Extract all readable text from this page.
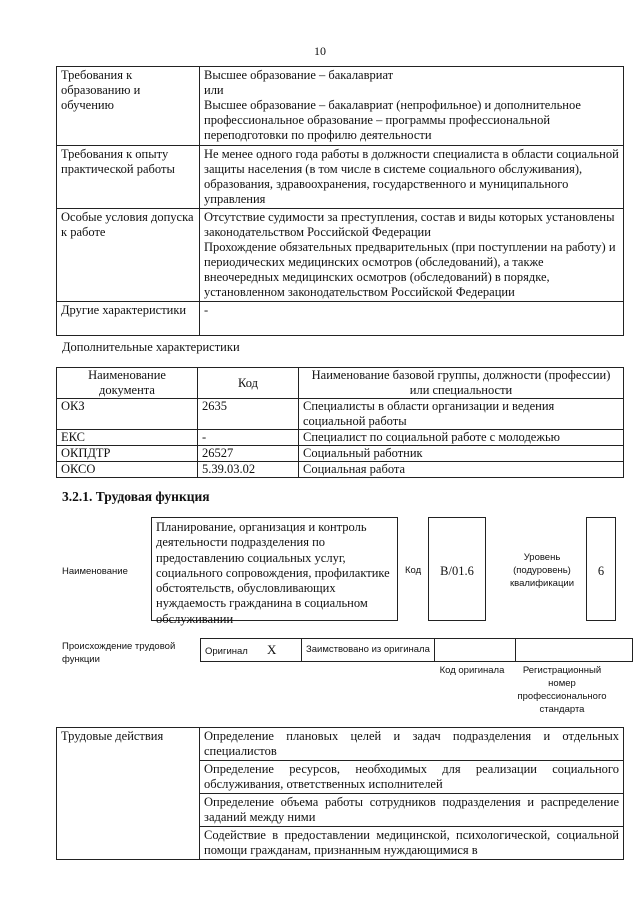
10
Требования к образованию и обучению	Высшее образование – бакалавриат
или
Высшее образование – бакалавриат (непрофильное) и дополнительное профессиональное образование – программы профессиональной переподготовки по профилю деятельности

Требования к опыту практической работы	Не менее одного года работы в должности специалиста в области социальной защиты населения (в том числе в системе социального обслуживания), образования, здравоохранения, государственного и муниципального управления

Особые условия допуска к работе	Отсутствие судимости за преступления, состав и виды которых установлены законодательством Российской Федерации
Прохождение обязательных предварительных (при поступлении на работу) и периодических медицинских осмотров (обследований), а также внеочередных медицинских осмотров (обследований) в порядке, установленном законодательством Российской Федерации

Другие характеристики	-
Дополнительные характеристики
Наименование документа	Код	Наименование базовой группы, должности (профессии) или специальности
ОКЗ	2635	Специалисты в области организации и ведения социальной работы
ЕКС	-	Специалист по социальной работе с молодежью
ОКПДТР	26527	Социальный работник
ОКСО	5.39.03.02	Социальная работа
3.2.1. Трудовая функция
Наименование
Планирование, организация и контроль деятельности подразделения по предоставлению социальных услуг, социального сопровождения, профилактике обстоятельств, обусловливающих нуждаемость гражданина в социальном обслуживании
Код	B/01.6
Уровень (подуровень) квалификации
6
Происхождение трудовой функции
Оригинал X	Заимствовано из оригинала		
Код оригинала	Регистрационный номер профессионального стандарта
Трудовые действия	Определение плановых целей и задач подразделения и отдельных специалистов
Определение ресурсов, необходимых для реализации социального обслуживания, ответственных исполнителей
Определение объема работы сотрудников подразделения и распределение заданий между ними
Содействие в предоставлении медицинской, психологической, социальной помощи гражданам, признанным нуждающимися в
